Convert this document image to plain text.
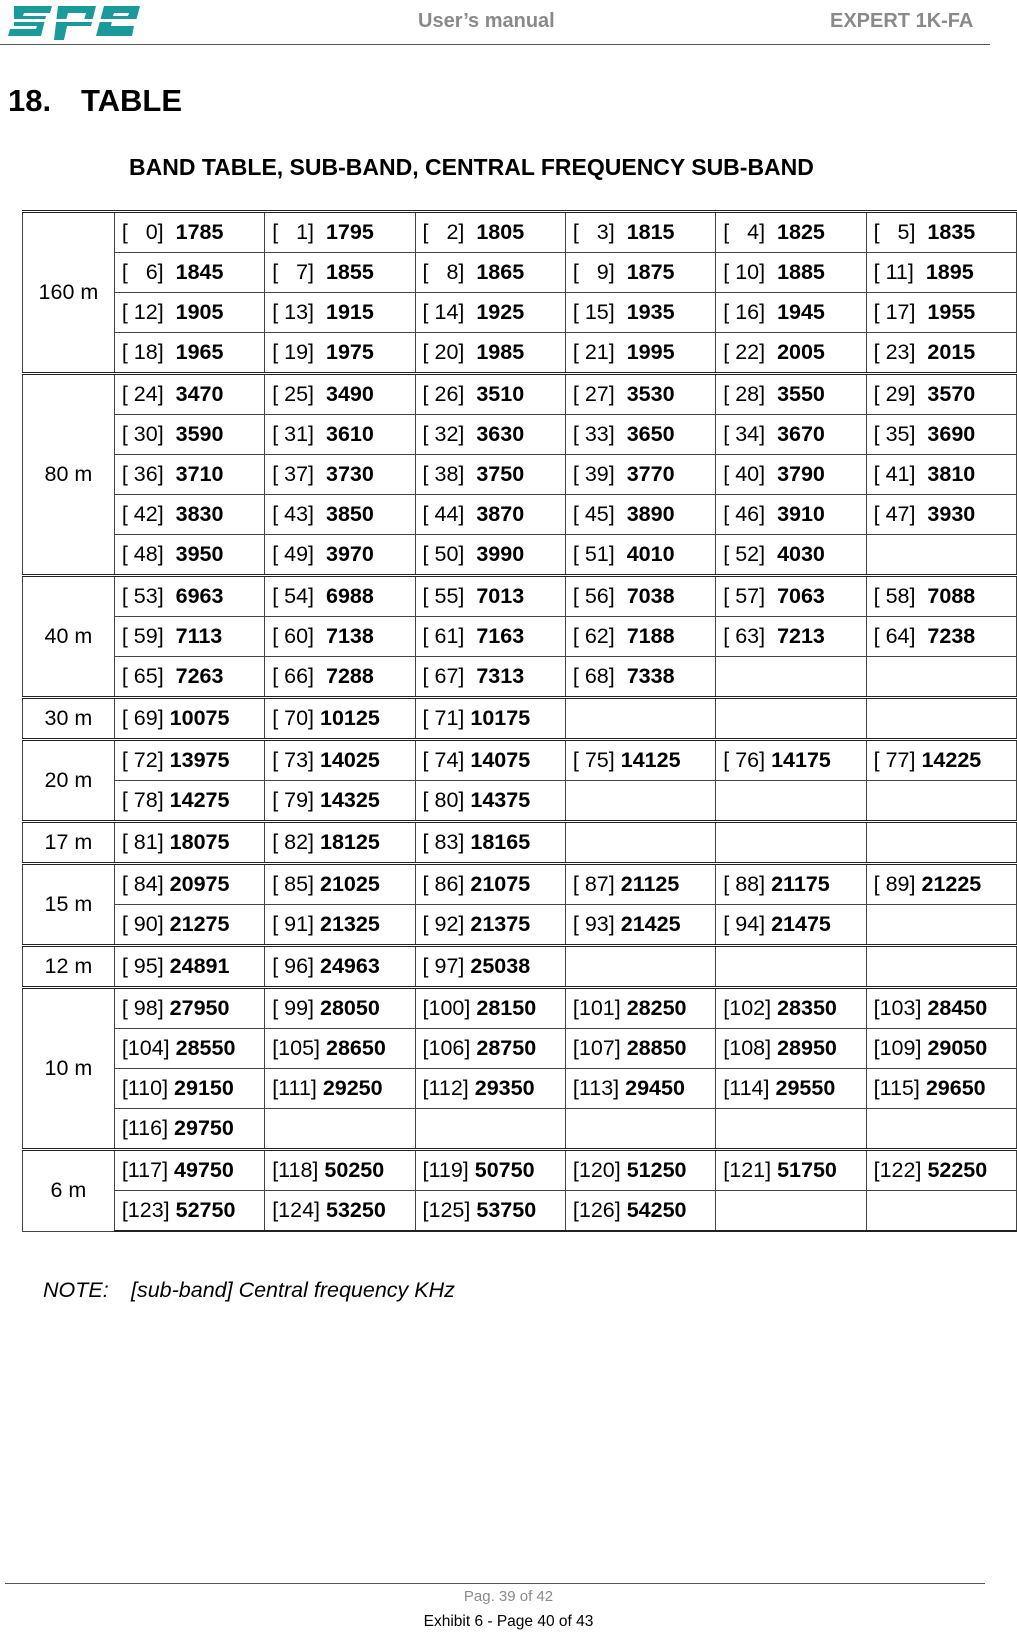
User’s manual	EXPERT 1K-FA
18. TABLE
BAND TABLE, SUB-BAND, CENTRAL FREQUENCY SUB-BAND
160 m	[   0] 1785	[   1] 1795	[   2] 1805	[   3] 1815	[   4] 1825	[   5] 1835
	[   6] 1845	[   7] 1855	[   8] 1865	[   9] 1875	[ 10] 1885	[ 11] 1895
	[ 12] 1905	[ 13] 1915	[ 14] 1925	[ 15] 1935	[ 16] 1945	[ 17] 1955
	[ 18] 1965	[ 19] 1975	[ 20] 1985	[ 21] 1995	[ 22] 2005	[ 23] 2015
80 m	[ 24] 3470	[ 25] 3490	[ 26] 3510	[ 27] 3530	[ 28] 3550	[ 29] 3570
	[ 30] 3590	[ 31] 3610	[ 32] 3630	[ 33] 3650	[ 34] 3670	[ 35] 3690
	[ 36] 3710	[ 37] 3730	[ 38] 3750	[ 39] 3770	[ 40] 3790	[ 41] 3810
	[ 42] 3830	[ 43] 3850	[ 44] 3870	[ 45] 3890	[ 46] 3910	[ 47] 3930
	[ 48] 3950	[ 49] 3970	[ 50] 3990	[ 51] 4010	[ 52] 4030	
40 m	[ 53] 6963	[ 54] 6988	[ 55] 7013	[ 56] 7038	[ 57] 7063	[ 58] 7088
	[ 59] 7113	[ 60] 7138	[ 61] 7163	[ 62] 7188	[ 63] 7213	[ 64] 7238
	[ 65] 7263	[ 66] 7288	[ 67] 7313	[ 68] 7338		
30 m	[ 69] 10075	[ 70] 10125	[ 71] 10175			
20 m	[ 72] 13975	[ 73] 14025	[ 74] 14075	[ 75] 14125	[ 76] 14175	[ 77] 14225
	[ 78] 14275	[ 79] 14325	[ 80] 14375			
17 m	[ 81] 18075	[ 82] 18125	[ 83] 18165			
15 m	[ 84] 20975	[ 85] 21025	[ 86] 21075	[ 87] 21125	[ 88] 21175	[ 89] 21225
	[ 90] 21275	[ 91] 21325	[ 92] 21375	[ 93] 21425	[ 94] 21475	
12 m	[ 95] 24891	[ 96] 24963	[ 97] 25038			
10 m	[ 98] 27950	[ 99] 28050	[100] 28150	[101] 28250	[102] 28350	[103] 28450
	[104] 28550	[105] 28650	[106] 28750	[107] 28850	[108] 28950	[109] 29050
	[110] 29150	[111] 29250	[112] 29350	[113] 29450	[114] 29550	[115] 29650
	[116] 29750					
6 m	[117] 49750	[118] 50250	[119] 50750	[120] 51250	[121] 51750	[122] 52250
	[123] 52750	[124] 53250	[125] 53750	[126] 54250		
NOTE: [sub-band] Central frequency KHz
Pag. 39 of 42
Exhibit 6 - Page 40 of 43
